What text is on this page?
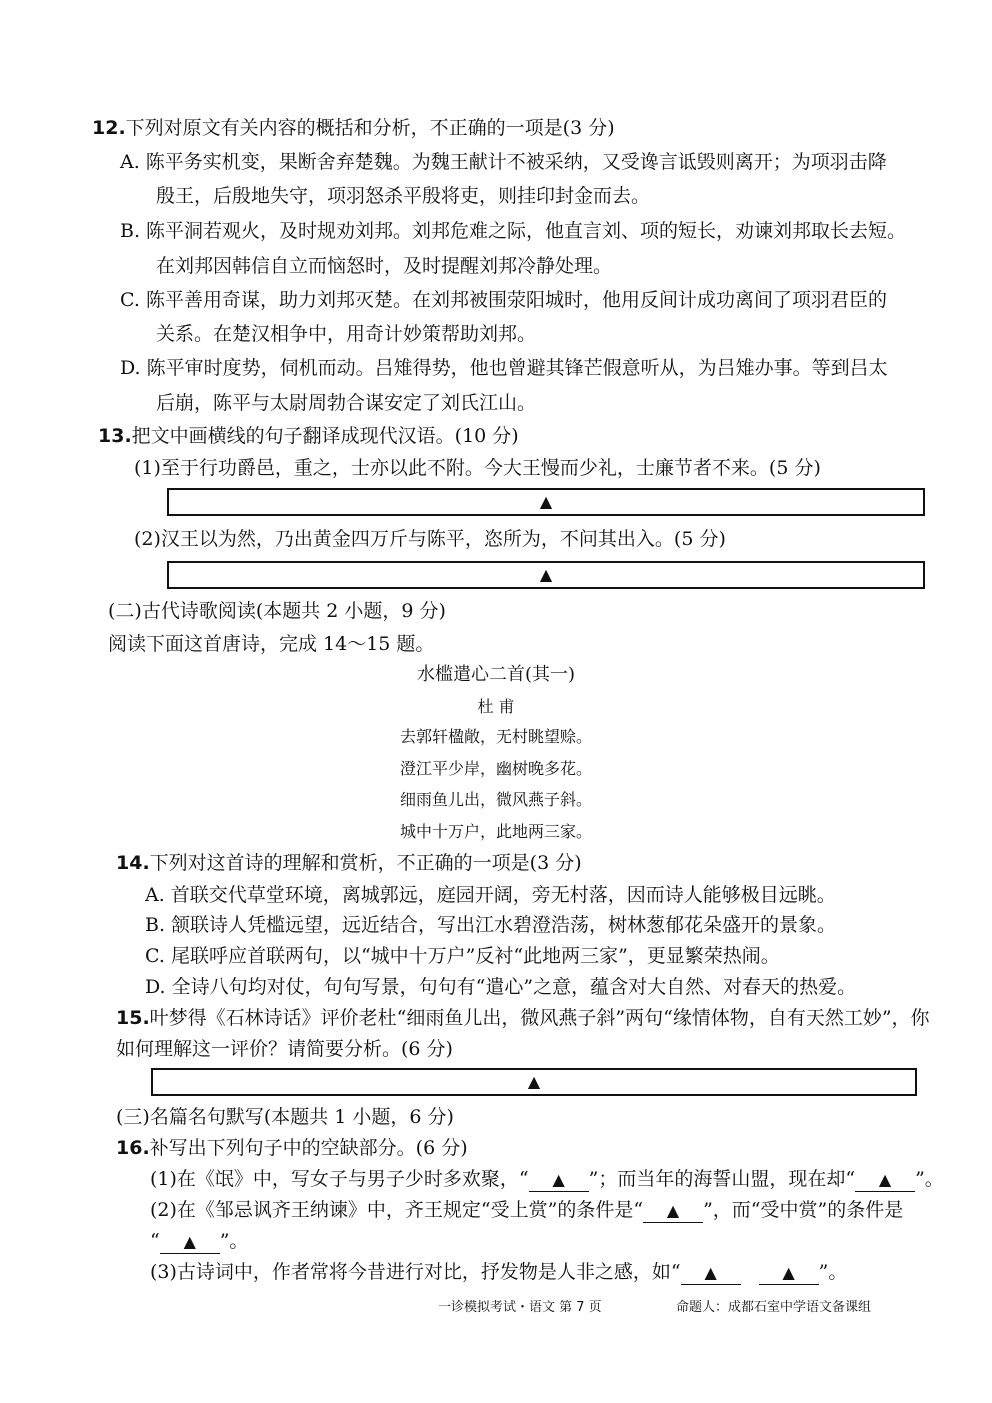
12.下列对原文有关内容的概括和分析，不正确的一项是(3 分)
A. 陈平务实机变，果断舍弃楚魏。为魏王献计不被采纳，又受谗言诋毁则离开；为项羽击降
殷王，后殷地失守，项羽怒杀平殷将吏，则挂印封金而去。
B. 陈平洞若观火，及时规劝刘邦。刘邦危难之际，他直言刘、项的短长，劝谏刘邦取长去短。
在刘邦因韩信自立而恼怒时，及时提醒刘邦冷静处理。
C. 陈平善用奇谋，助力刘邦灭楚。在刘邦被围荥阳城时，他用反间计成功离间了项羽君臣的
关系。在楚汉相争中，用奇计妙策帮助刘邦。
D. 陈平审时度势，伺机而动。吕雉得势，他也曾避其锋芒假意听从，为吕雉办事。等到吕太
后崩，陈平与太尉周勃合谋安定了刘氏江山。
13.把文中画横线的句子翻译成现代汉语。(10 分)
(1)至于行功爵邑，重之，士亦以此不附。今大王慢而少礼，士廉节者不来。(5 分)
▲
(2)汉王以为然，乃出黄金四万斤与陈平，恣所为，不问其出入。(5 分)
▲
(二)古代诗歌阅读(本题共 2 小题，9 分)
阅读下面这首唐诗，完成 14～15 题。
水槛遣心二首(其一)
杜 甫
去郭轩楹敞，无村眺望赊。
澄江平少岸，幽树晚多花。
细雨鱼儿出，微风燕子斜。
城中十万户，此地两三家。
14.下列对这首诗的理解和赏析，不正确的一项是(3 分)
A. 首联交代草堂环境，离城郭远，庭园开阔，旁无村落，因而诗人能够极目远眺。
B. 颔联诗人凭槛远望，远近结合，写出江水碧澄浩荡，树林葱郁花朵盛开的景象。
C. 尾联呼应首联两句，以“城中十万户”反衬“此地两三家”，更显繁荣热闹。
D. 全诗八句均对仗，句句写景，句句有“遣心”之意，蕴含对大自然、对春天的热爱。
15.叶梦得《石林诗话》评价老杜“细雨鱼儿出，微风燕子斜”两句“缘情体物，自有天然工妙”，你
如何理解这一评价？请简要分析。(6 分)
▲
(三)名篇名句默写(本题共 1 小题，6 分)
16.补写出下列句子中的空缺部分。(6 分)
(1)在《氓》中，写女子与男子少时多欢聚，“ ▲ ”；而当年的海誓山盟，现在却“ ▲ ”。
(2)在《邹忌讽齐王纳谏》中，齐王规定“受上赏”的条件是“ ▲ ”，而“受中赏”的条件是
“ ▲ ”。
(3)古诗词中，作者常将今昔进行对比，抒发物是人非之感，如“ ▲	▲ ”。
一诊模拟考试・语文 第 7 页	命题人：成都石室中学语文备课组
